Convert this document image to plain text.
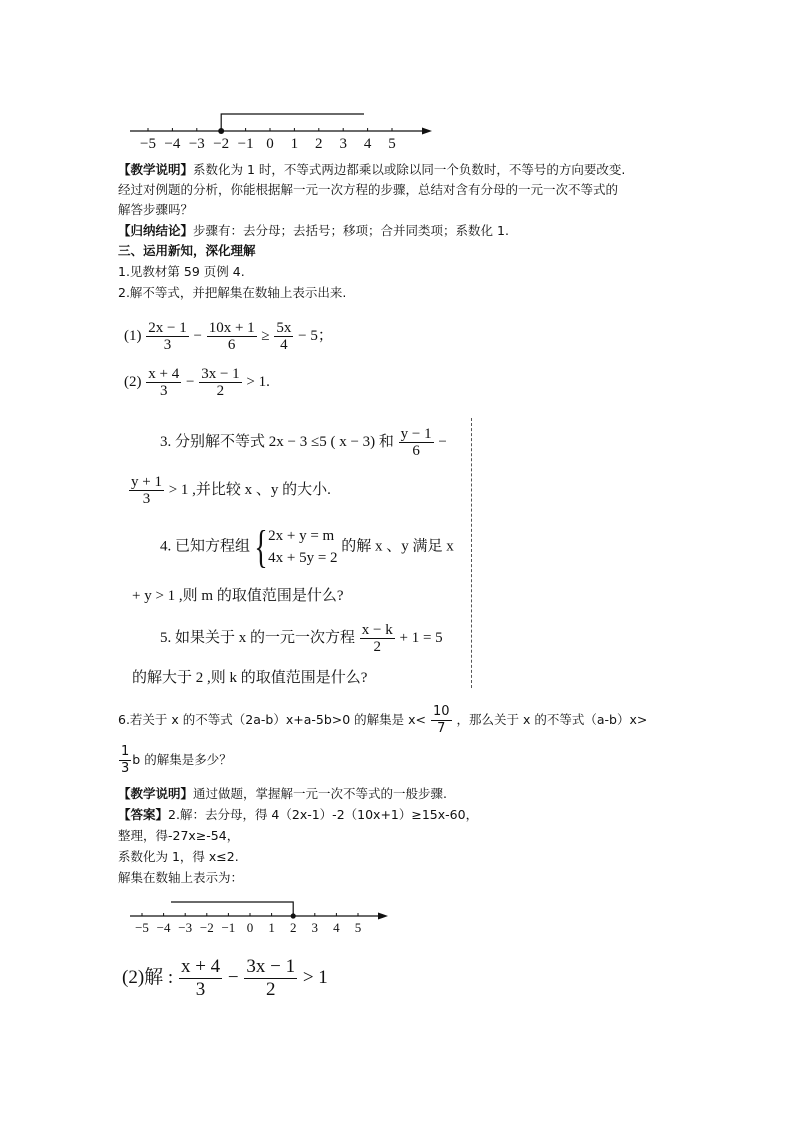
−5 −4 −3 −2 −1 0 1 2 3 4 5
【教学说明】系数化为 1 时，不等式两边都乘以或除以同一个负数时，不等号的方向要改变.
经过对例题的分析，你能根据解一元一次方程的步骤，总结对含有分母的一元一次不等式的
解答步骤吗？
【归纳结论】步骤有：去分母；去括号；移项；合并同类项；系数化 1.
三、运用新知，深化理解
1.见教材第 59 页例 4.
2.解不等式，并把解集在数轴上表示出来.
$(1) \frac{2x - 1}{3} - \frac{10x + 1}{6} \ge \frac{5x}{4} - 5$；
$(2) \frac{x + 4}{3} - \frac{3x - 1}{2} > 1$.
3. 分别解不等式 2x − 3 ≤5 ( x − 3) 和 $\frac{y - 1}{6}$ −
$\frac{y + 1}{3} > 1$ ,并比较 x 、y 的大小.
4. 已知方程组{ 2x + y = m
4x + 5y = 2
的解 x 、y 满足 x
+ y > 1 ,则 m 的取值范围是什么?
5. 如果关于 x 的一元一次方程 $\frac{x - k}{2} + 1 = 5$
的解大于 2 ,则 k 的取值范围是什么?
6.若关于 x 的不等式（2a-b）x+a-5b>0 的解集是 $x< \frac{10}{7}$ ，那么关于 x 的不等式（a-b）x>
$\frac{1}{3}$ b 的解集是多少？
【教学说明】通过做题，掌握解一元一次不等式的一般步骤.
【答案】2.解：去分母，得 4（2x-1）-2（10x+1）≥15x-60，
整理，得-27x≥-54，
系数化为 1，得 x≤2.
解集在数轴上表示为：
−5 −4 −3 −2 −1 0 1 2 3 4 5
(2)解 : $\frac{x + 4}{3} - \frac{3x - 1}{2} > 1$
